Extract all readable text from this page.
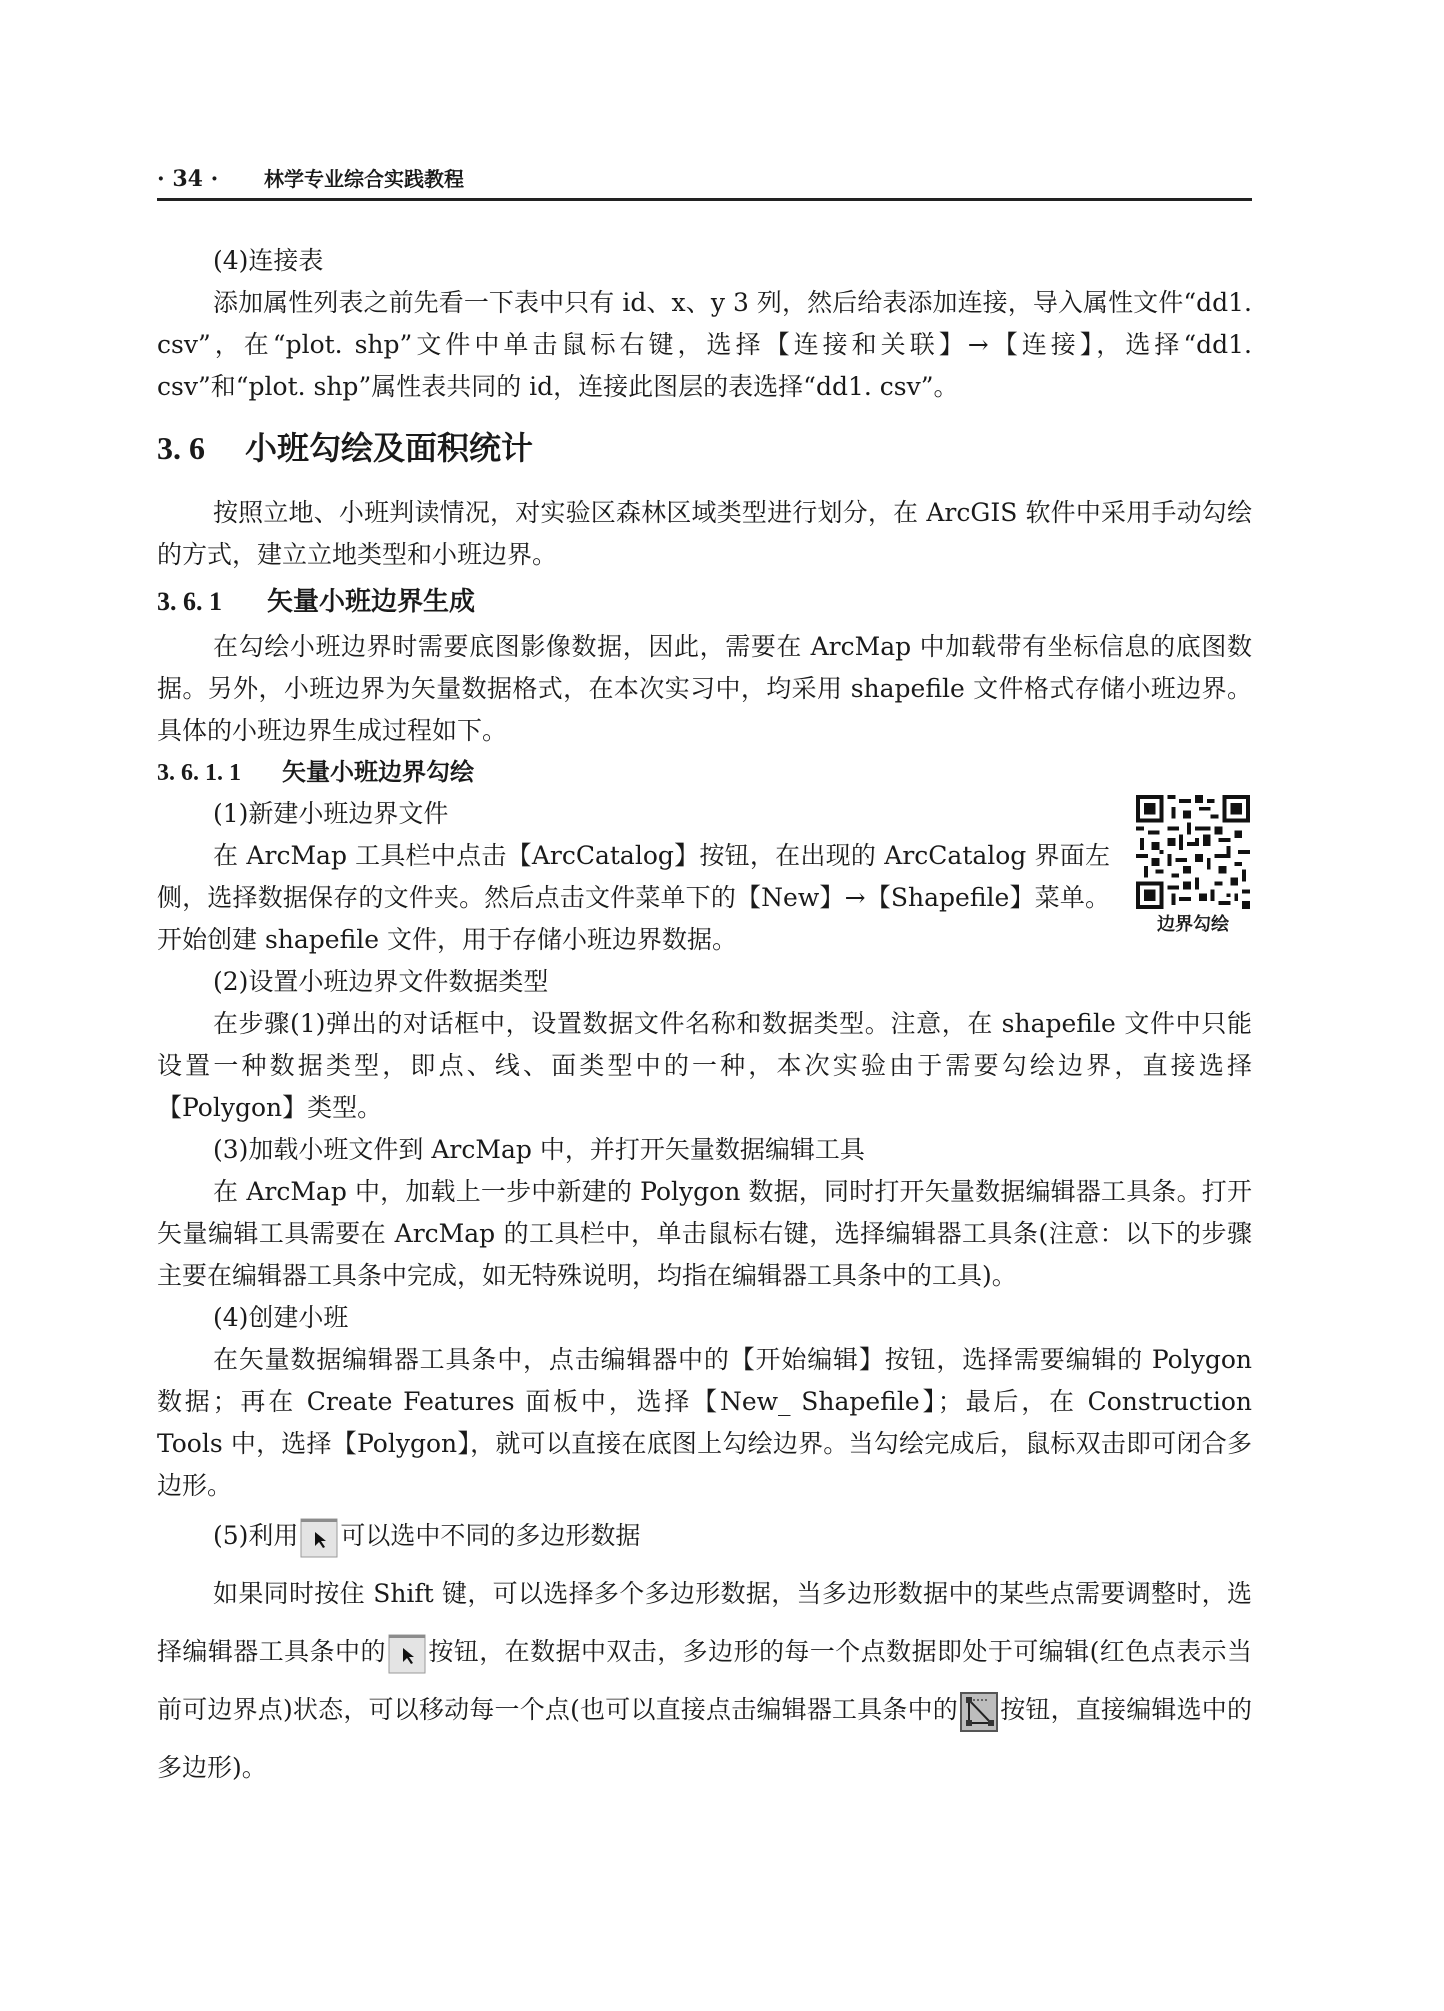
· 34 · 林学专业综合实践教程

(4)连接表

添加属性列表之前先看一下表中只有 id、x、y 3 列，然后给表添加连接，导入属性文件“dd1. csv”，在“plot. shp”文件中单击鼠标右键，选择【连接和关联】→【连接】，选择“dd1. csv”和“plot. shp”属性表共同的 id，连接此图层的表选择“dd1. csv”。

3. 6 小班勾绘及面积统计

按照立地、小班判读情况，对实验区森林区域类型进行划分，在 ArcGIS 软件中采用手动勾绘的方式，建立立地类型和小班边界。

3. 6. 1 矢量小班边界生成

在勾绘小班边界时需要底图影像数据，因此，需要在 ArcMap 中加载带有坐标信息的底图数据。另外，小班边界为矢量数据格式，在本次实习中，均采用 shapefile 文件格式存储小班边界。具体的小班边界生成过程如下。

3. 6. 1. 1 矢量小班边界勾绘
边界勾绘

(1)新建小班边界文件

在 ArcMap 工具栏中点击【ArcCatalog】按钮，在出现的 ArcCatalog 界面左侧，选择数据保存的文件夹。然后点击文件菜单下的【New】→【Shapefile】菜单。开始创建 shapefile 文件，用于存储小班边界数据。

(2)设置小班边界文件数据类型

在步骤(1)弹出的对话框中，设置数据文件名称和数据类型。注意，在 shapefile 文件中只能设置一种数据类型，即点、线、面类型中的一种，本次实验由于需要勾绘边界，直接选择【Polygon】类型。

(3)加载小班文件到 ArcMap 中，并打开矢量数据编辑工具

在 ArcMap 中，加载上一步中新建的 Polygon 数据，同时打开矢量数据编辑器工具条。打开矢量编辑工具需要在 ArcMap 的工具栏中，单击鼠标右键，选择编辑器工具条(注意：以下的步骤主要在编辑器工具条中完成，如无特殊说明，均指在编辑器工具条中的工具)。

(4)创建小班

在矢量数据编辑器工具条中，点击编辑器中的【开始编辑】按钮，选择需要编辑的 Polygon 数据；再在 Create Features 面板中，选择【New_ Shapefile】；最后，在 Construction Tools 中，选择【Polygon】，就可以直接在底图上勾绘边界。当勾绘完成后，鼠标双击即可闭合多边形。

(5)利用 可以选中不同的多边形数据

如果同时按住 Shift 键，可以选择多个多边形数据，当多边形数据中的某些点需要调整时，选择编辑器工具条中的 按钮，在数据中双击，多边形的每一个点数据即处于可编辑(红色点表示当前可边界点)状态，可以移动每一个点(也可以直接点击编辑器工具条中的 按钮，直接编辑选中的多边形)。
